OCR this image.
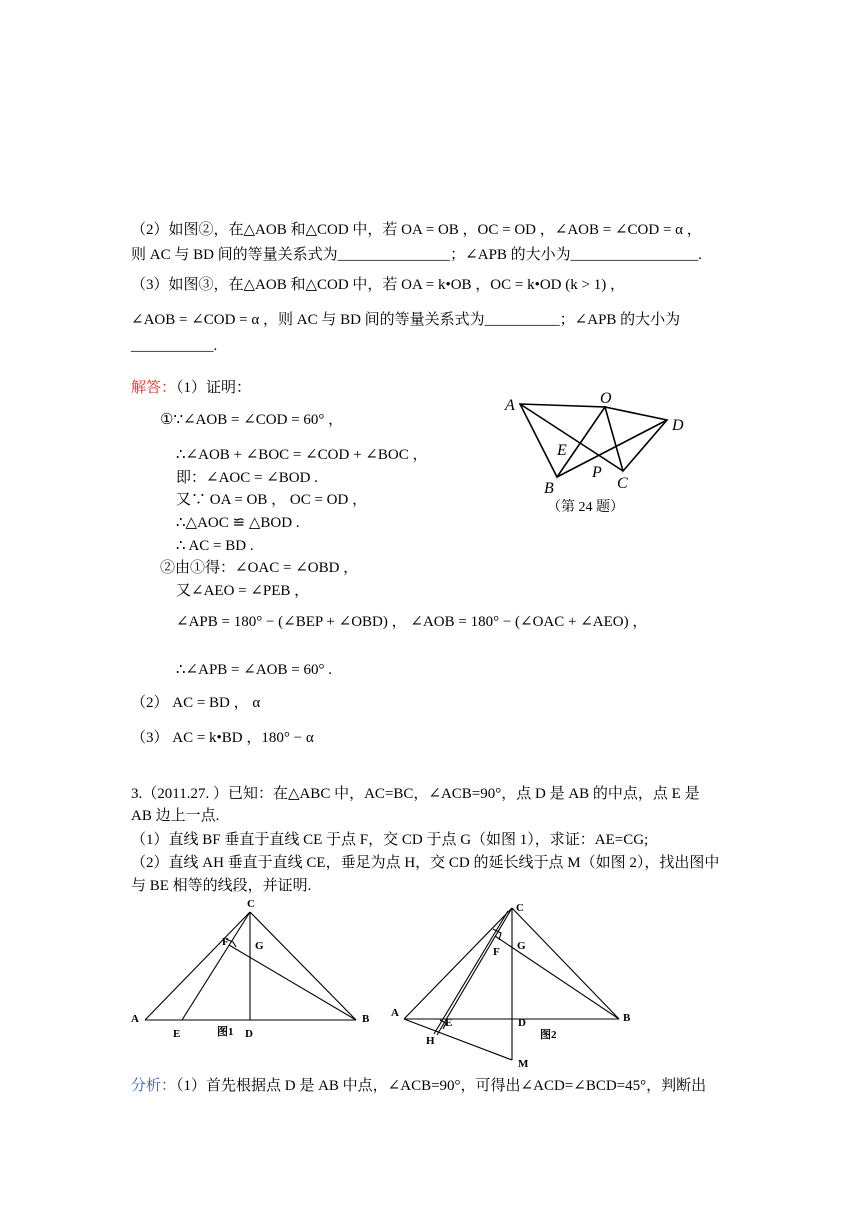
（2）如图②，在△AOB 和△COD 中，若 OA = OB ，OC = OD ，∠AOB = ∠COD = α ，
则 AC 与 BD 间的等量关系式为_______________；∠APB 的大小为_________________.
（3）如图③，在△AOB 和△COD 中，若 OA = k•OB ，OC = k•OD (k > 1) ，
∠AOB = ∠COD = α ，则 AC 与 BD 间的等量关系式为__________；∠APB 的大小为
___________.
解答：（1）证明：
①∵∠AOB = ∠COD = 60° ，
∴∠AOB + ∠BOC = ∠COD + ∠BOC ，
即：∠AOC = ∠BOD .
又∵ OA = OB ， OC = OD ，
∴△AOC ≌ △BOD .
∴ AC = BD .
②由①得：∠OAC = ∠OBD ，
又∠AEO = ∠PEB ，
∠APB = 180° − (∠BEP + ∠OBD) ， ∠AOB = 180° − (∠OAC + ∠AEO) ，
∴∠APB = ∠AOB = 60° .
（2） AC = BD ， α
（3） AC = k•BD ，180° − α
A	O
D
E
P
B	C
（第 24 题）
3.（2011.27. ）已知：在△ABC 中，AC=BC，∠ACB=90°，点 D 是 AB 的中点，点 E 是
AB 边上一点.
（1）直线 BF 垂直于直线 CE 于点 F，交 CD 于点 G（如图 1），求证：AE=CG;
（2）直线 AH 垂直于直线 CE，垂足为点 H，交 CD 的延长线于点 M（如图 2），找出图中
与 BE 相等的线段，并证明.
C
F G
A	B
E	D
图1
C
F G
A	B
E	D
H
M
图2
分析：（1）首先根据点 D 是 AB 中点，∠ACB=90°，可得出∠ACD=∠BCD=45°，判断出
